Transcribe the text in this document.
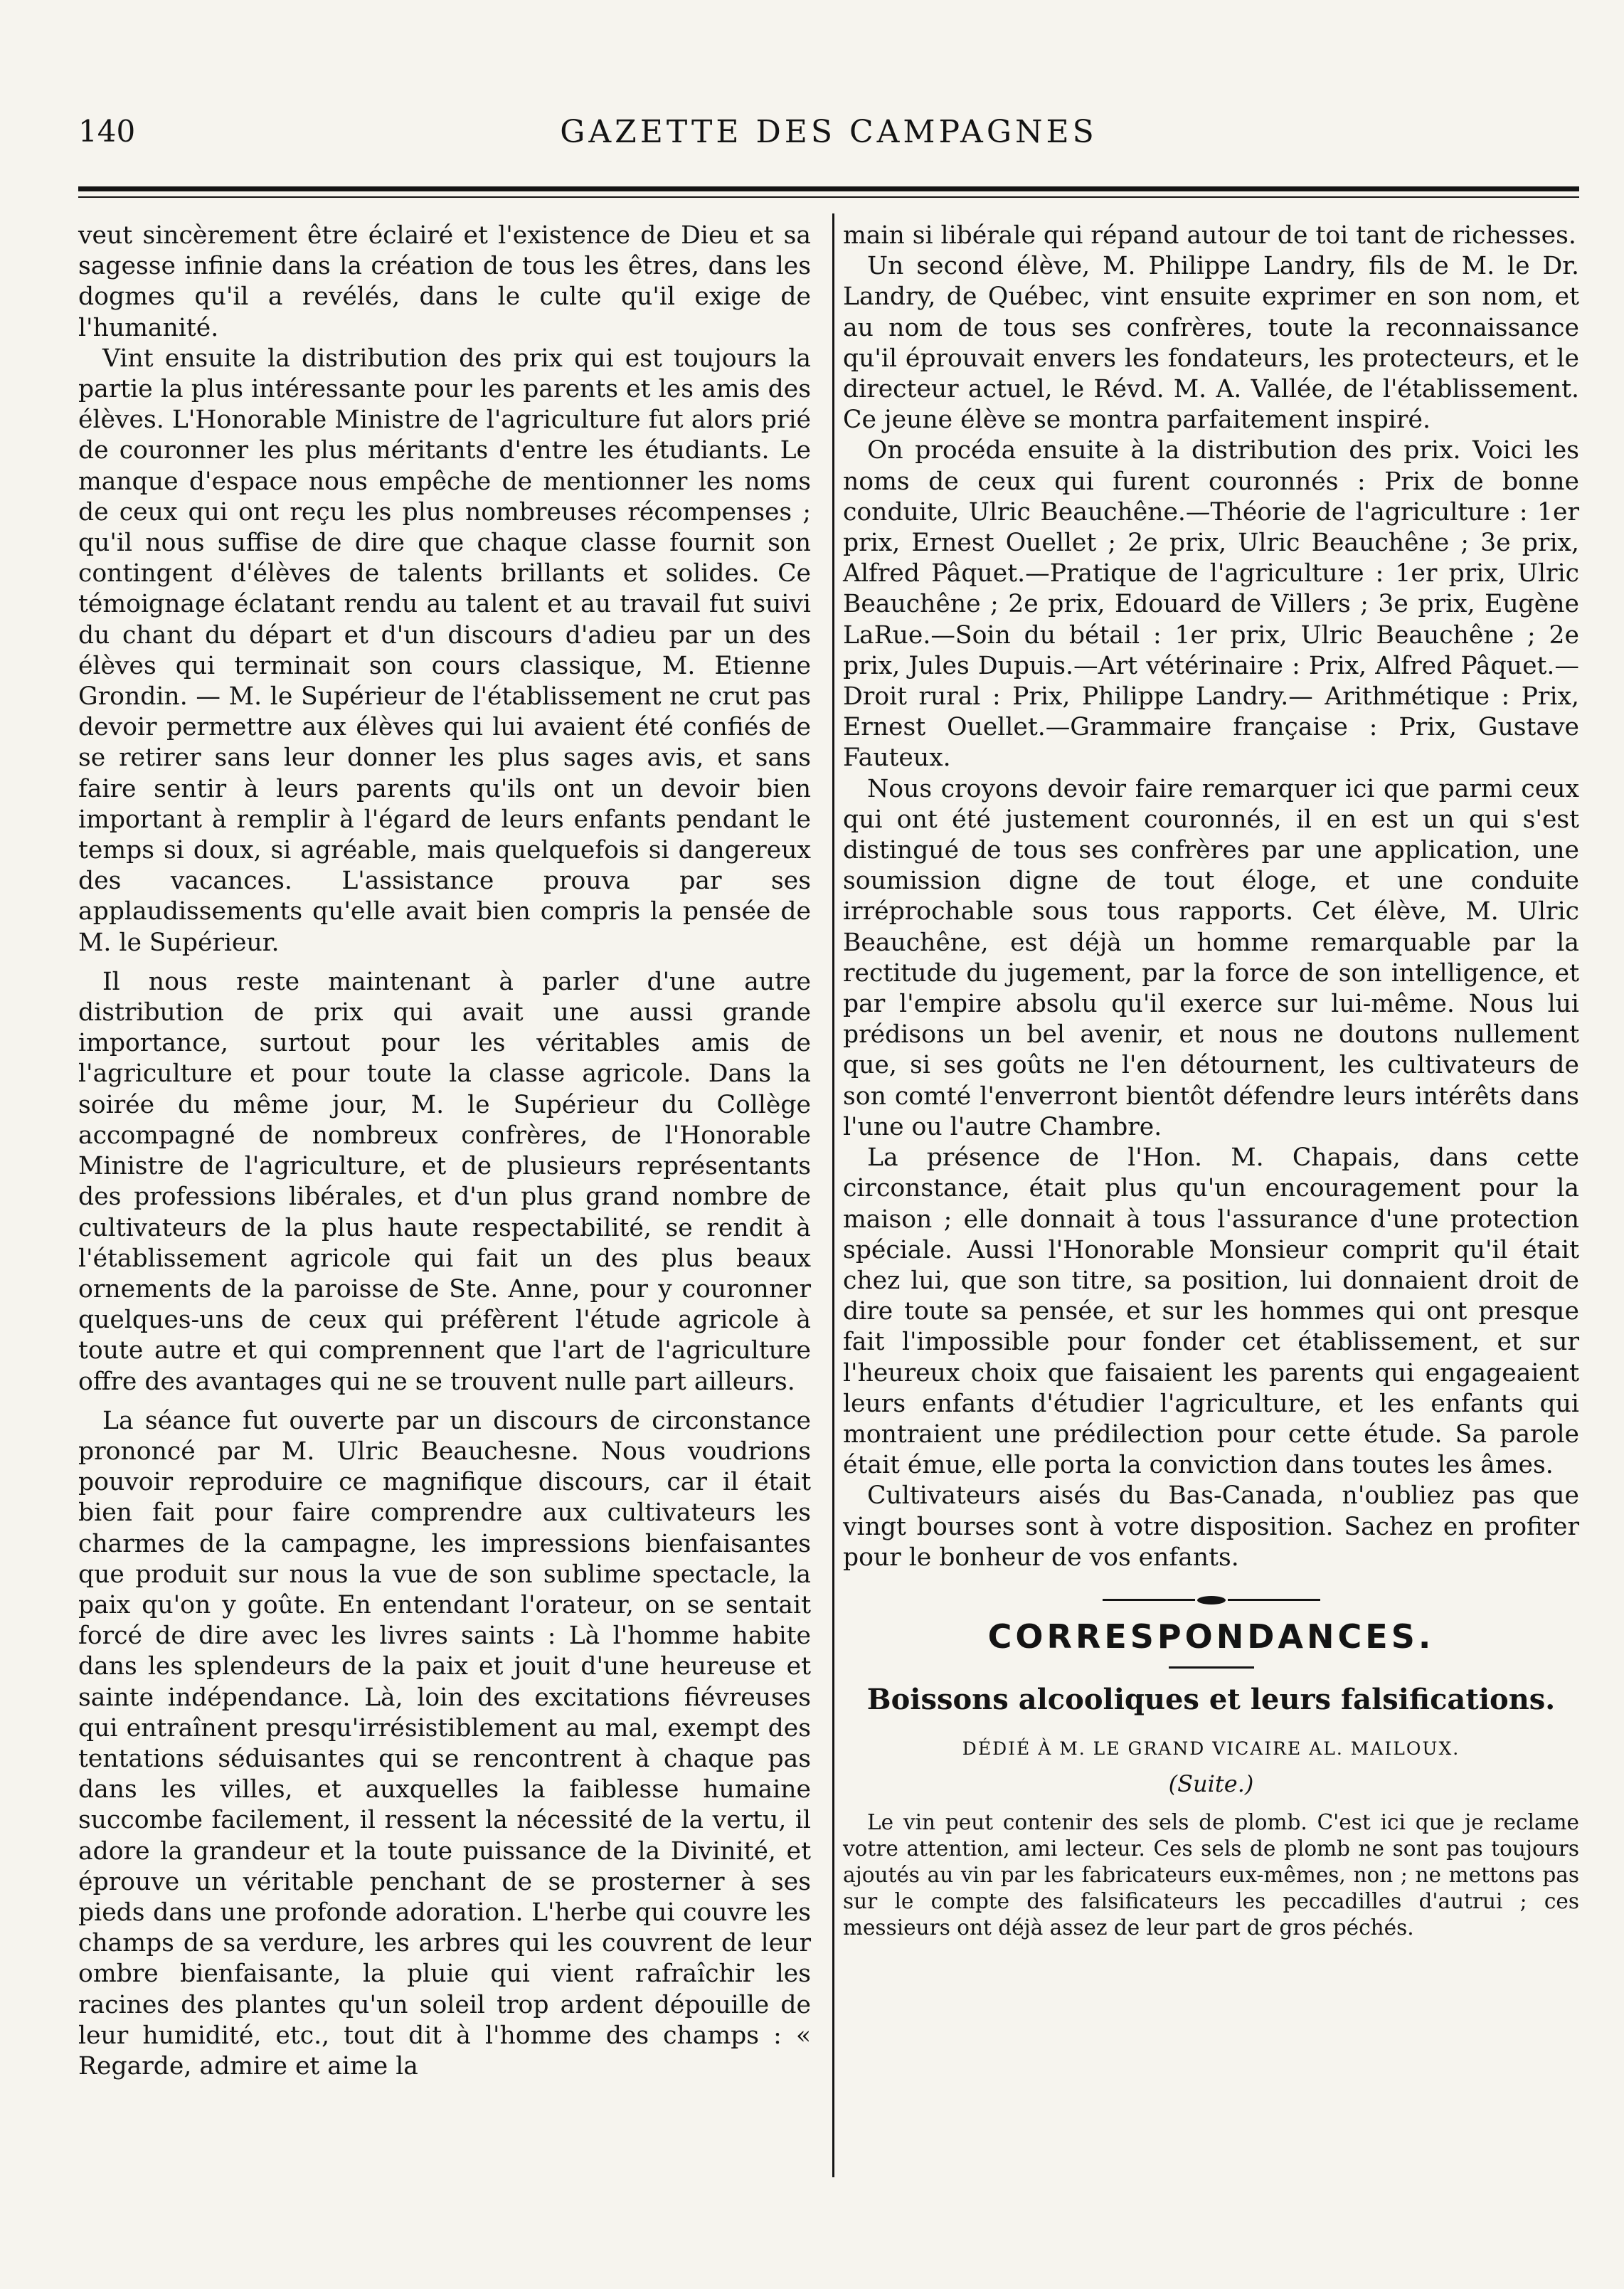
140	GAZETTE DES CAMPAGNES

veut sincèrement être éclairé et l'existence de Dieu et sa sagesse infinie dans la création de tous les êtres, dans les dogmes qu'il a revélés, dans le culte qu'il exige de l'humanité.

Vint ensuite la distribution des prix qui est toujours la partie la plus intéressante pour les parents et les amis des élèves. L'Honorable Ministre de l'agriculture fut alors prié de couronner les plus méritants d'entre les étudiants. Le manque d'espace nous empêche de mentionner les noms de ceux qui ont reçu les plus nombreuses récompenses ; qu'il nous suffise de dire que chaque classe fournit son contingent d'élèves de talents brillants et solides. Ce témoignage éclatant rendu au talent et au travail fut suivi du chant du départ et d'un discours d'adieu par un des élèves qui terminait son cours classique, M. Etienne Grondin. — M. le Supérieur de l'établissement ne crut pas devoir permettre aux élèves qui lui avaient été confiés de se retirer sans leur donner les plus sages avis, et sans faire sentir à leurs parents qu'ils ont un devoir bien important à remplir à l'égard de leurs enfants pendant le temps si doux, si agréable, mais quelquefois si dangereux des vacances. L'assistance prouva par ses applaudissements qu'elle avait bien compris la pensée de M. le Supérieur.

Il nous reste maintenant à parler d'une autre distribution de prix qui avait une aussi grande importance, surtout pour les véritables amis de l'agriculture et pour toute la classe agricole. Dans la soirée du même jour, M. le Supérieur du Collège accompagné de nombreux confrères, de l'Honorable Ministre de l'agriculture, et de plusieurs représentants des professions libérales, et d'un plus grand nombre de cultivateurs de la plus haute respectabilité, se rendit à l'établissement agricole qui fait un des plus beaux ornements de la paroisse de Ste. Anne, pour y couronner quelques-uns de ceux qui préfèrent l'étude agricole à toute autre et qui comprennent que l'art de l'agriculture offre des avantages qui ne se trouvent nulle part ailleurs.

La séance fut ouverte par un discours de circonstance prononcé par M. Ulric Beauchesne. Nous voudrions pouvoir reproduire ce magnifique discours, car il était bien fait pour faire comprendre aux cultivateurs les charmes de la campagne, les impressions bienfaisantes que produit sur nous la vue de son sublime spectacle, la paix qu'on y goûte. En entendant l'orateur, on se sentait forcé de dire avec les livres saints : Là l'homme habite dans les splendeurs de la paix et jouit d'une heureuse et sainte indépendance. Là, loin des excitations fiévreuses qui entraînent presqu'irrésistiblement au mal, exempt des tentations séduisantes qui se rencontrent à chaque pas dans les villes, et auxquelles la faiblesse humaine succombe facilement, il ressent la nécessité de la vertu, il adore la grandeur et la toute puissance de la Divinité, et éprouve un véritable penchant de se prosterner à ses pieds dans une profonde adoration. L'herbe qui couvre les champs de sa verdure, les arbres qui les couvrent de leur ombre bienfaisante, la pluie qui vient rafraîchir les racines des plantes qu'un soleil trop ardent dépouille de leur humidité, etc., tout dit à l'homme des champs : « Regarde, admire et aime la

main si libérale qui répand autour de toi tant de richesses.

Un second élève, M. Philippe Landry, fils de M. le Dr. Landry, de Québec, vint ensuite exprimer en son nom, et au nom de tous ses confrères, toute la reconnaissance qu'il éprouvait envers les fondateurs, les protecteurs, et le directeur actuel, le Révd. M. A. Vallée, de l'établissement. Ce jeune élève se montra parfaitement inspiré.

On procéda ensuite à la distribution des prix. Voici les noms de ceux qui furent couronnés : Prix de bonne conduite, Ulric Beauchêne.—Théorie de l'agriculture : 1er prix, Ernest Ouellet ; 2e prix, Ulric Beauchêne ; 3e prix, Alfred Pâquet.—Pratique de l'agriculture : 1er prix, Ulric Beauchêne ; 2e prix, Edouard de Villers ; 3e prix, Eugène LaRue.—Soin du bétail : 1er prix, Ulric Beauchêne ; 2e prix, Jules Dupuis.—Art vétérinaire : Prix, Alfred Pâquet.—Droit rural : Prix, Philippe Landry.— Arithmétique : Prix, Ernest Ouellet.—Grammaire française : Prix, Gustave Fauteux.

Nous croyons devoir faire remarquer ici que parmi ceux qui ont été justement couronnés, il en est un qui s'est distingué de tous ses confrères par une application, une soumission digne de tout éloge, et une conduite irréprochable sous tous rapports. Cet élève, M. Ulric Beauchêne, est déjà un homme remarquable par la rectitude du jugement, par la force de son intelligence, et par l'empire absolu qu'il exerce sur lui-même. Nous lui prédisons un bel avenir, et nous ne doutons nullement que, si ses goûts ne l'en détournent, les cultivateurs de son comté l'enverront bientôt défendre leurs intérêts dans l'une ou l'autre Chambre.

La présence de l'Hon. M. Chapais, dans cette circonstance, était plus qu'un encouragement pour la maison ; elle donnait à tous l'assurance d'une protection spéciale. Aussi l'Honorable Monsieur comprit qu'il était chez lui, que son titre, sa position, lui donnaient droit de dire toute sa pensée, et sur les hommes qui ont presque fait l'impossible pour fonder cet établissement, et sur l'heureux choix que faisaient les parents qui engageaient leurs enfants d'étudier l'agriculture, et les enfants qui montraient une prédilection pour cette étude. Sa parole était émue, elle porta la conviction dans toutes les âmes.

Cultivateurs aisés du Bas-Canada, n'oubliez pas que vingt bourses sont à votre disposition. Sachez en profiter pour le bonheur de vos enfants.

CORRESPONDANCES.
Boissons alcooliques et leurs falsifications.
DÉDIÉ À M. LE GRAND VICAIRE AL. MAILOUX.
(Suite.)

Le vin peut contenir des sels de plomb. C'est ici que je reclame votre attention, ami lecteur. Ces sels de plomb ne sont pas toujours ajoutés au vin par les fabricateurs eux-mêmes, non ; ne mettons pas sur le compte des falsificateurs les peccadilles d'autrui ; ces messieurs ont déjà assez de leur part de gros péchés.
